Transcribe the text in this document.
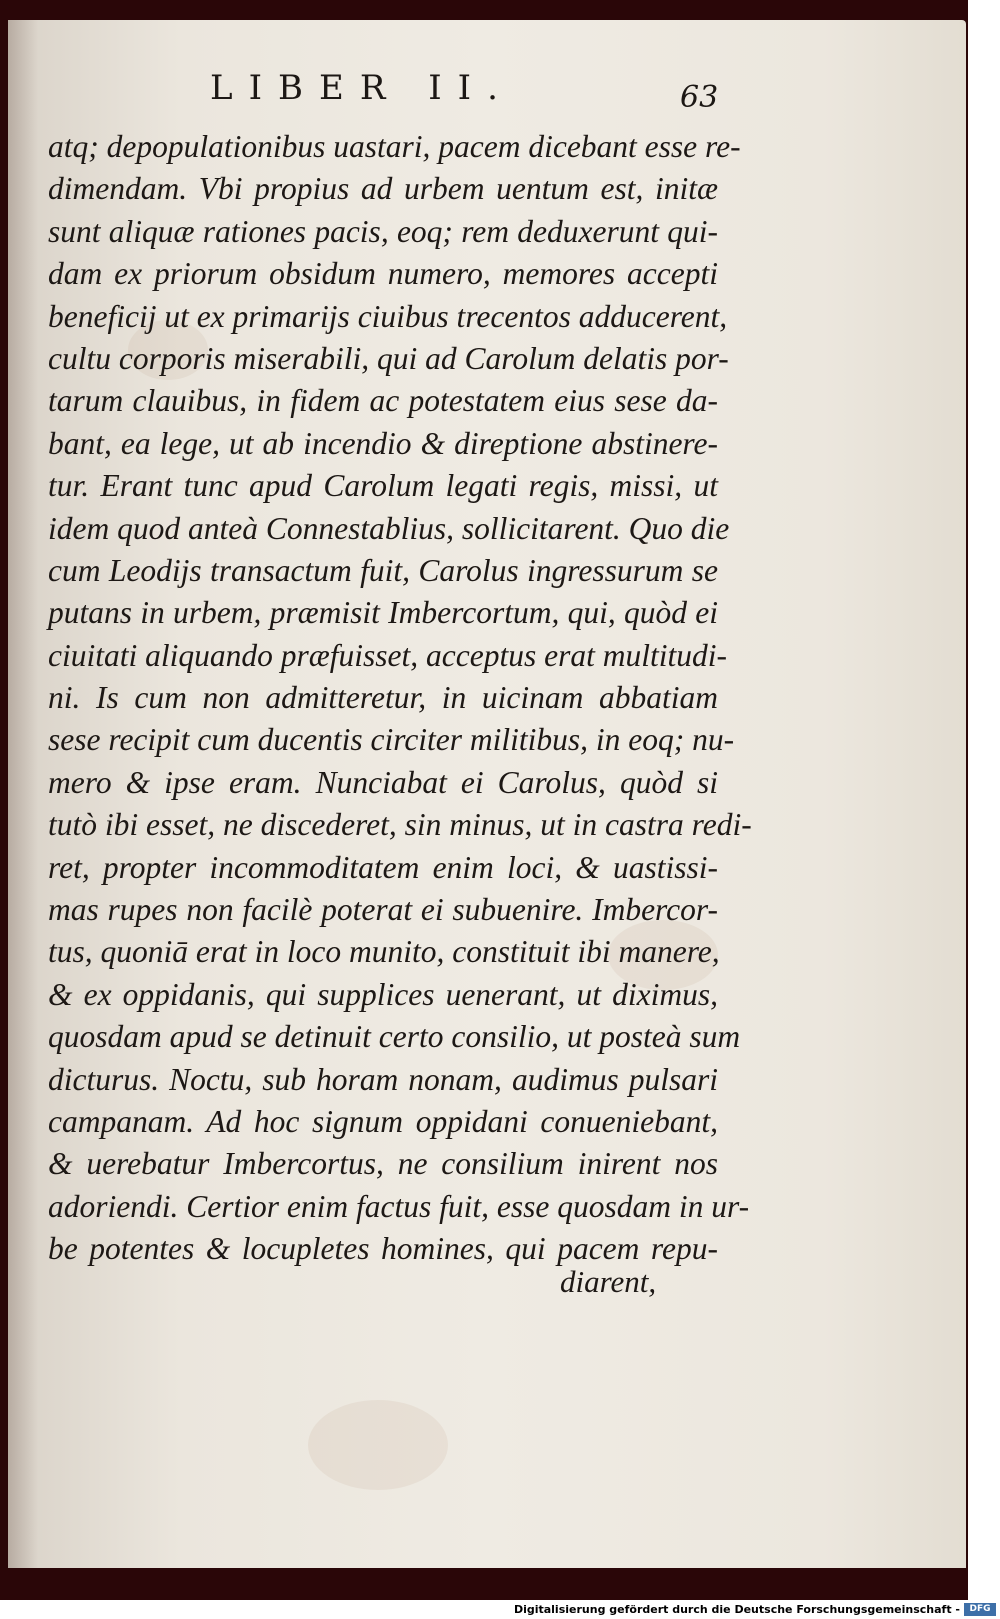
LIBER II.	63
atq; depopulationibus uastari, pacem dicebant esse re-
dimendam. Vbi propius ad urbem uentum est, initæ
sunt aliquæ rationes pacis, eoq; rem deduxerunt qui-
dam ex priorum obsidum numero, memores accepti
beneficij ut ex primarijs ciuibus trecentos adducerent,
cultu corporis miserabili, qui ad Carolum delatis por-
tarum clauibus, in fidem ac potestatem eius sese da-
bant, ea lege, ut ab incendio & direptione abstinere-
tur. Erant tunc apud Carolum legati regis, missi, ut
idem quod anteà Connestablius, sollicitarent. Quo die
cum Leodijs transactum fuit, Carolus ingressurum se
putans in urbem, præmisit Imbercortum, qui, quòd ei
ciuitati aliquando præfuisset, acceptus erat multitudi-
ni. Is cum non admitteretur, in uicinam abbatiam
sese recipit cum ducentis circiter militibus, in eoq; nu-
mero & ipse eram. Nunciabat ei Carolus, quòd si
tutò ibi esset, ne discederet, sin minus, ut in castra redi-
ret, propter incommoditatem enim loci, & uastissi-
mas rupes non facilè poterat ei subuenire. Imbercor-
tus, quoniā erat in loco munito, constituit ibi manere,
& ex oppidanis, qui supplices uenerant, ut diximus,
quosdam apud se detinuit certo consilio, ut posteà sum
dicturus. Noctu, sub horam nonam, audimus pulsari
campanam. Ad hoc signum oppidani conueniebant,
& uerebatur Imbercortus, ne consilium inirent nos
adoriendi. Certior enim factus fuit, esse quosdam in ur-
be potentes & locupletes homines, qui pacem repu-
diarent,
Digitalisierung gefördert durch die Deutsche Forschungsgemeinschaft -	DFG
